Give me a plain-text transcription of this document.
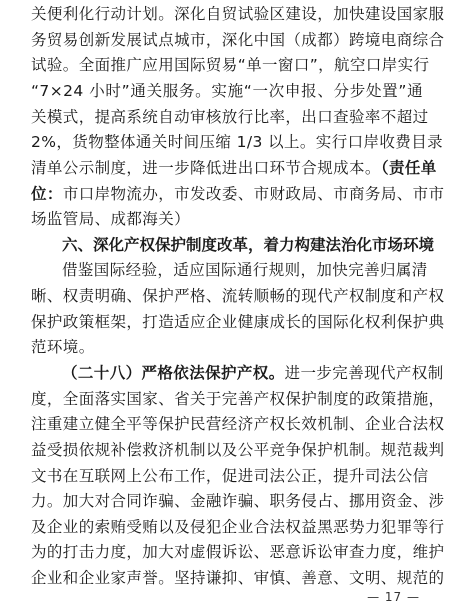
关便利化行动计划。深化自贸试验区建设，加快建设国家服
务贸易创新发展试点城市，深化中国（成都）跨境电商综合
试验。全面推广应用国际贸易“单一窗口”，航空口岸实行
“7×24 小时”通关服务。实施“一次申报、分步处置”通
关模式，提高系统自动审核放行比率，出口查验率不超过
2%，货物整体通关时间压缩 1/3 以上。实行口岸收费目录
清单公示制度，进一步降低进出口环节合规成本。（责任单
位：市口岸物流办，市发改委、市财政局、市商务局、市市
场监管局、成都海关）
六、深化产权保护制度改革，着力构建法治化市场环境
借鉴国际经验，适应国际通行规则，加快完善归属清
晰、权责明确、保护严格、流转顺畅的现代产权制度和产权
保护政策框架，打造适应企业健康成长的国际化权利保护典
范环境。
（二十八）严格依法保护产权。进一步完善现代产权制
度，全面落实国家、省关于完善产权保护制度的政策措施，
注重建立健全平等保护民营经济产权长效机制、企业合法权
益受损依规补偿救济机制以及公平竞争保护机制。规范裁判
文书在互联网上公布工作，促进司法公正，提升司法公信
力。加大对合同诈骗、金融诈骗、职务侵占、挪用资金、涉
及企业的索贿受贿以及侵犯企业合法权益黑恶势力犯罪等行
为的打击力度，加大对虚假诉讼、恶意诉讼审查力度，维护
企业和企业家声誉。坚持谦抑、审慎、善意、文明、规范的
— 17 —
